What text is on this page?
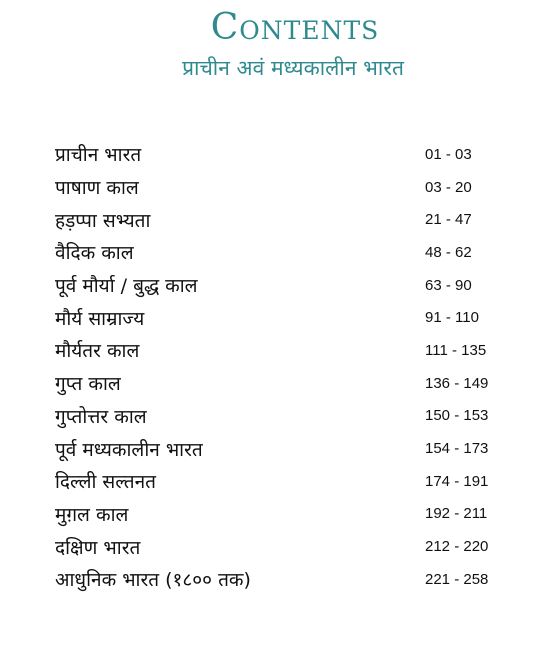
Contents
प्राचीन अवं मध्यकालीन भारत
प्राचीन भारत	01 - 03
पाषाण काल	03 - 20
हड़प्पा सभ्यता	21 - 47
वैदिक काल	48 - 62
पूर्व मौर्या / बुद्ध काल	63 - 90
मौर्य साम्राज्य	91 - 110
मौर्यतर काल	111 - 135
गुप्त काल	136 - 149
गुप्तोत्तर काल	150 - 153
पूर्व मध्यकालीन भारत	154 - 173
दिल्ली सल्तनत	174 - 191
मुग़ल काल	192 - 211
दक्षिण भारत	212 - 220
आधुनिक भारत (१८०० तक)	221 - 258
